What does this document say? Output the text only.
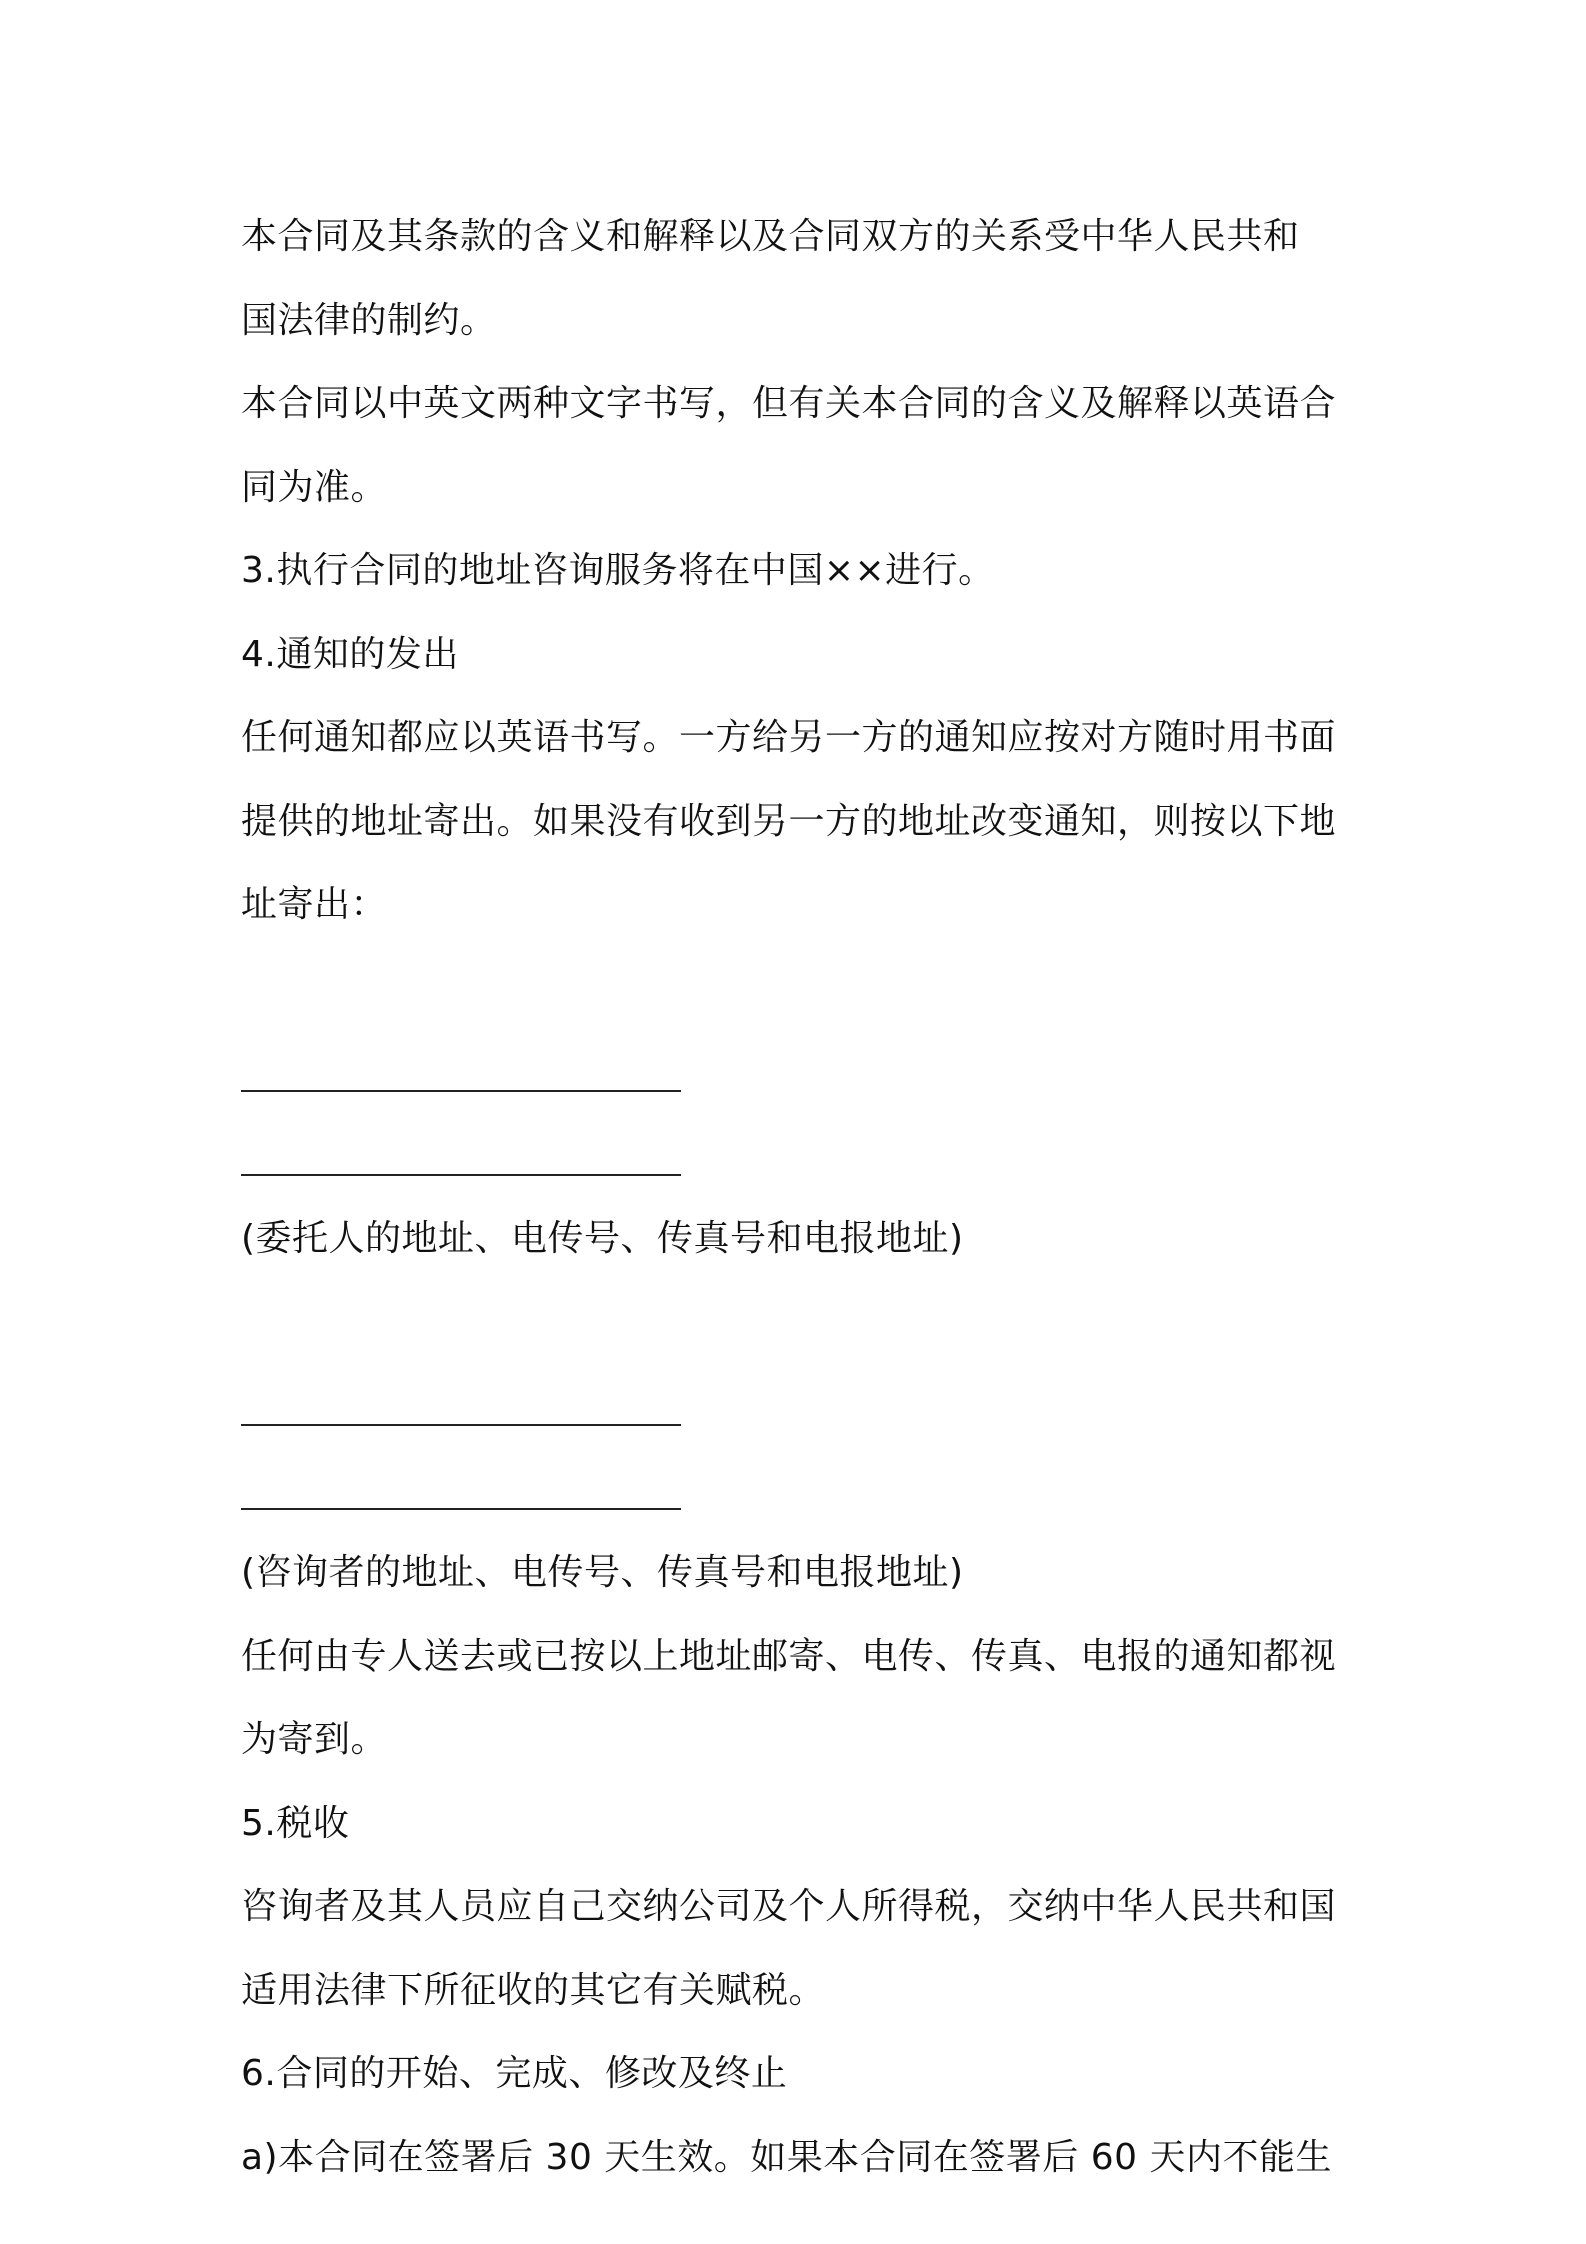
本合同及其条款的含义和解释以及合同双方的关系受中华人民共和
国法律的制约。
本合同以中英文两种文字书写，但有关本合同的含义及解释以英语合
同为准。
3.执行合同的地址咨询服务将在中国××进行。
4.通知的发出
任何通知都应以英语书写。一方给另一方的通知应按对方随时用书面
提供的地址寄出。如果没有收到另一方的地址改变通知，则按以下地
址寄出：
(委托人的地址、电传号、传真号和电报地址)
(咨询者的地址、电传号、传真号和电报地址)
任何由专人送去或已按以上地址邮寄、电传、传真、电报的通知都视
为寄到。
5.税收
咨询者及其人员应自己交纳公司及个人所得税，交纳中华人民共和国
适用法律下所征收的其它有关赋税。
6.合同的开始、完成、修改及终止
a)本合同在签署后 30 天生效。如果本合同在签署后 60 天内不能生
